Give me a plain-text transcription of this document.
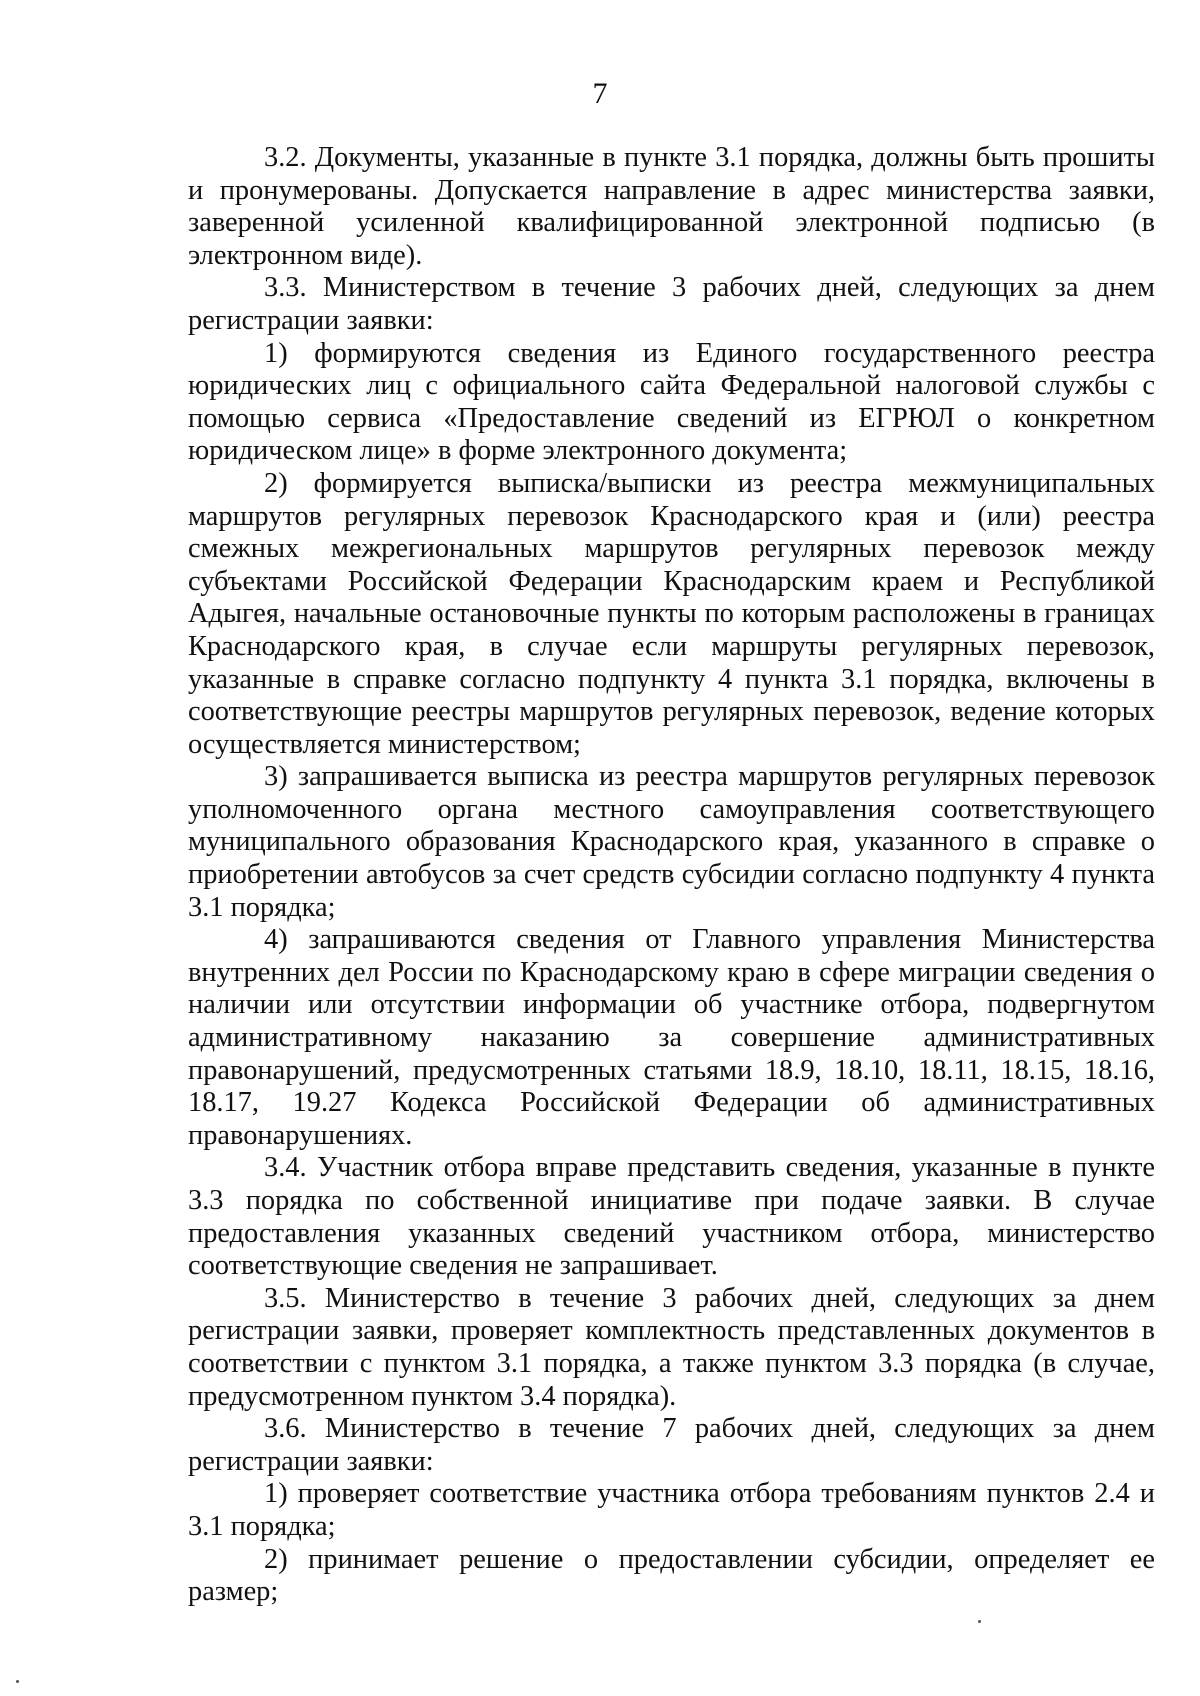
7

3.2. Документы, указанные в пункте 3.1 порядка, должны быть прошиты и пронумерованы. Допускается направление в адрес министерства заявки, заверенной усиленной квалифицированной электронной подписью (в электронном виде).

3.3. Министерством в течение 3 рабочих дней, следующих за днем регистрации заявки:

1) формируются сведения из Единого государственного реестра юридических лиц с официального сайта Федеральной налоговой службы с помощью сервиса «Предоставление сведений из ЕГРЮЛ о конкретном юридическом лице» в форме электронного документа;

2) формируется выписка/выписки из реестра межмуниципальных маршрутов регулярных перевозок Краснодарского края и (или) реестра смежных межрегиональных маршрутов регулярных перевозок между субъектами Российской Федерации Краснодарским краем и Республикой Адыгея, начальные остановочные пункты по которым расположены в границах Краснодарского края, в случае если маршруты регулярных перевозок, указанные в справке согласно подпункту 4 пункта 3.1 порядка, включены в соответствующие реестры маршрутов регулярных перевозок, ведение которых осуществляется министерством;

3) запрашивается выписка из реестра маршрутов регулярных перевозок уполномоченного органа местного самоуправления соответствующего муниципального образования Краснодарского края, указанного в справке о приобретении автобусов за счет средств субсидии согласно подпункту 4 пункта 3.1 порядка;

4) запрашиваются сведения от Главного управления Министерства внутренних дел России по Краснодарскому краю в сфере миграции сведения о наличии или отсутствии информации об участнике отбора, подвергнутом административному наказанию за совершение административных правонарушений, предусмотренных статьями 18.9, 18.10, 18.11, 18.15, 18.16, 18.17, 19.27 Кодекса Российской Федерации об административных правонарушениях.

3.4. Участник отбора вправе представить сведения, указанные в пункте 3.3 порядка по собственной инициативе при подаче заявки. В случае предоставления указанных сведений участником отбора, министерство соответствующие сведения не запрашивает.

3.5. Министерство в течение 3 рабочих дней, следующих за днем регистрации заявки, проверяет комплектность представленных документов в соответствии с пунктом 3.1 порядка, а также пунктом 3.3 порядка (в случае, предусмотренном пунктом 3.4 порядка).

3.6. Министерство в течение 7 рабочих дней, следующих за днем регистрации заявки:

1) проверяет соответствие участника отбора требованиям пунктов 2.4 и 3.1 порядка;

2) принимает решение о предоставлении субсидии, определяет ее размер;
